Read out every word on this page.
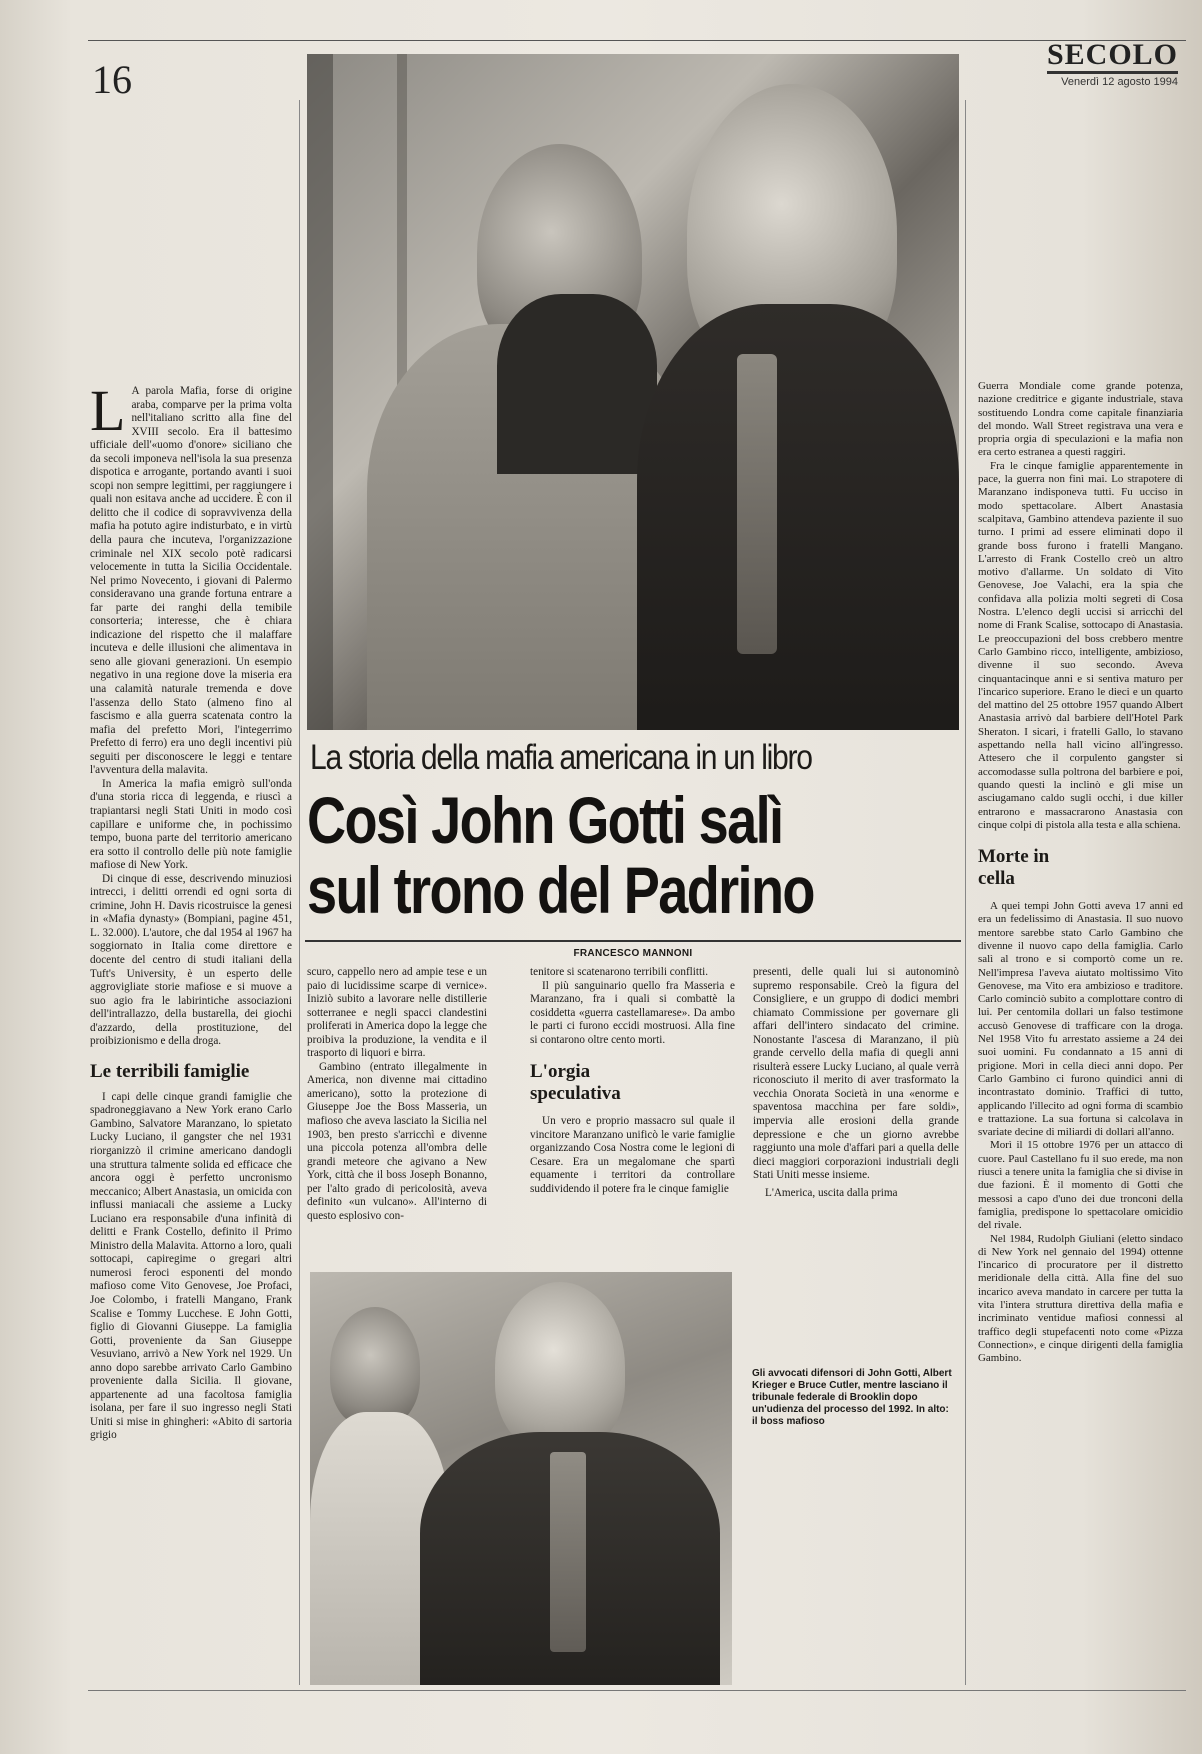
16
SECOLO
Venerdì 12 agosto 1994
La storia della mafia americana in un libro
Così John Gotti salì
sul trono del Padrino
FRANCESCO MANNONI

L A parola Mafia, forse di origine araba, comparve per la prima volta nell'italiano scritto alla fine del XVIII secolo. Era il battesimo ufficiale dell'«uomo d'onore» siciliano che da secoli imponeva nell'isola la sua presenza dispotica e arrogante, portando avanti i suoi scopi non sempre legittimi, per raggiungere i quali non esitava anche ad uccidere. È con il delitto che il codice di sopravvivenza della mafia ha potuto agire indisturbato, e in virtù della paura che incuteva, l'organizzazione criminale nel XIX secolo potè radicarsi velocemente in tutta la Sicilia Occidentale. Nel primo Novecento, i giovani di Palermo consideravano una grande fortuna entrare a far parte dei ranghi della temibile consorteria; interesse, che è chiara indicazione del rispetto che il malaffare incuteva e delle illusioni che alimentava in seno alle giovani generazioni. Un esempio negativo in una regione dove la miseria era una calamità naturale tremenda e dove l'assenza dello Stato (almeno fino al fascismo e alla guerra scatenata contro la mafia del prefetto Mori, l'integerrimo Prefetto di ferro) era uno degli incentivi più seguiti per disconoscere le leggi e tentare l'avventura della malavita.

In America la mafia emigrò sull'onda d'una storia ricca di leggenda, e riuscì a trapiantarsi negli Stati Uniti in modo così capillare e uniforme che, in pochissimo tempo, buona parte del territorio americano era sotto il controllo delle più note famiglie mafiose di New York.

Di cinque di esse, descrivendo minuziosi intrecci, i delitti orrendi ed ogni sorta di crimine, John H. Davis ricostruisce la genesi in «Mafia dynasty» (Bompiani, pagine 451, L. 32.000). L'autore, che dal 1954 al 1967 ha soggiornato in Italia come direttore e docente del centro di studi italiani della Tuft's University, è un esperto delle aggrovigliate storie mafiose e si muove a suo agio fra le labirintiche associazioni dell'intrallazzo, della bustarella, dei giochi d'azzardo, della prostituzione, del proibizionismo e della droga.

Le terribili famiglie

I capi delle cinque grandi famiglie che spadroneggiavano a New York erano Carlo Gambino, Salvatore Maranzano, lo spietato Lucky Luciano, il gangster che nel 1931 riorganizzò il crimine americano dandogli una struttura talmente solida ed efficace che ancora oggi è perfetto uncronismo meccanico; Albert Anastasia, un omicida con influssi maniacali che assieme a Lucky Luciano era responsabile d'una infinità di delitti e Frank Costello, definito il Primo Ministro della Malavita. Attorno a loro, quali sottocapi, capiregime o gregari altri numerosi feroci esponenti del mondo mafioso come Vito Genovese, Joe Profaci, Joe Colombo, i fratelli Mangano, Frank Scalise e Tommy Lucchese. E John Gotti, figlio di Giovanni Giuseppe. La famiglia Gotti, proveniente da San Giuseppe Vesuviano, arrivò a New York nel 1929. Un anno dopo sarebbe arrivato Carlo Gambino proveniente dalla Sicilia. Il giovane, appartenente ad una facoltosa famiglia isolana, per fare il suo ingresso negli Stati Uniti si mise in ghingheri: «Abito di sartoria grigio

scuro, cappello nero ad ampie tese e un paio di lucidissime scarpe di vernice». Iniziò subito a lavorare nelle distillerie sotterranee e negli spacci clandestini proliferati in America dopo la legge che proibiva la produzione, la vendita e il trasporto di liquori e birra.

Gambino (entrato illegalmente in America, non divenne mai cittadino americano), sotto la protezione di Giuseppe Joe the Boss Masseria, un mafioso che aveva lasciato la Sicilia nel 1903, ben presto s'arricchì e divenne una piccola potenza all'ombra delle grandi meteore che agivano a New York, città che il boss Joseph Bonanno, per l'alto grado di pericolosità, aveva definito «un vulcano». All'interno di questo esplosivo con-

tenitore si scatenarono terribili conflitti.

Il più sanguinario quello fra Masseria e Maranzano, fra i quali si combattè la cosiddetta «guerra castellamarese». Da ambo le parti ci furono eccidi mostruosi. Alla fine si contarono oltre cento morti.

L'orgia speculativa

Un vero e proprio massacro sul quale il vincitore Maranzano unificò le varie famiglie organizzando Cosa Nostra come le legioni di Cesare. Era un megalomane che spartì equamente i territori da controllare suddividendo il potere fra le cinque famiglie

presenti, delle quali lui si autonominò supremo responsabile. Creò la figura del Consigliere, e un gruppo di dodici membri chiamato Commissione per governare gli affari dell'intero sindacato del crimine. Nonostante l'ascesa di Maranzano, il più grande cervello della mafia di quegli anni risulterà essere Lucky Luciano, al quale verrà riconosciuto il merito di aver trasformato la vecchia Onorata Società in una «enorme e spaventosa macchina per fare soldi», impervia alle erosioni della grande depressione e che un giorno avrebbe raggiunto una mole d'affari pari a quella delle dieci maggiori corporazioni industriali degli Stati Uniti messe insieme.

L'America, uscita dalla prima

Gli avvocati difensori di John Gotti, Albert Krieger e Bruce Cutler, mentre lasciano il tribunale federale di Brooklin dopo un'udienza del processo del 1992. In alto: il boss mafioso

Guerra Mondiale come grande potenza, nazione creditrice e gigante industriale, stava sostituendo Londra come capitale finanziaria del mondo. Wall Street registrava una vera e propria orgia di speculazioni e la mafia non era certo estranea a questi raggiri.

Fra le cinque famiglie apparentemente in pace, la guerra non finì mai. Lo strapotere di Maranzano indisponeva tutti. Fu ucciso in modo spettacolare. Albert Anastasia scalpitava, Gambino attendeva paziente il suo turno. I primi ad essere eliminati dopo il grande boss furono i fratelli Mangano. L'arresto di Frank Costello creò un altro motivo d'allarme. Un soldato di Vito Genovese, Joe Valachi, era la spia che confidava alla polizia molti segreti di Cosa Nostra. L'elenco degli uccisi si arricchì del nome di Frank Scalise, sottocapo di Anastasia. Le preoccupazioni del boss crebbero mentre Carlo Gambino ricco, intelligente, ambizioso, divenne il suo secondo. Aveva cinquantacinque anni e si sentiva maturo per l'incarico superiore. Erano le dieci e un quarto del mattino del 25 ottobre 1957 quando Albert Anastasia arrivò dal barbiere dell'Hotel Park Sheraton. I sicari, i fratelli Gallo, lo stavano aspettando nella hall vicino all'ingresso. Attesero che il corpulento gangster si accomodasse sulla poltrona del barbiere e poi, quando questi la inclinò e gli mise un asciugamano caldo sugli occhi, i due killer entrarono e massacrarono Anastasia con cinque colpi di pistola alla testa e alla schiena.

Morte in cella

A quei tempi John Gotti aveva 17 anni ed era un fedelissimo di Anastasia. Il suo nuovo mentore sarebbe stato Carlo Gambino che divenne il nuovo capo della famiglia. Carlo salì al trono e si comportò come un re. Nell'impresa l'aveva aiutato moltissimo Vito Genovese, ma Vito era ambizioso e traditore. Carlo cominciò subito a complottare contro di lui. Per centomila dollari un falso testimone accusò Genovese di trafficare con la droga. Nel 1958 Vito fu arrestato assieme a 24 dei suoi uomini. Fu condannato a 15 anni di prigione. Morì in cella dieci anni dopo. Per Carlo Gambino ci furono quindici anni di incontrastato dominio. Traffici di tutto, applicando l'illecito ad ogni forma di scambio e trattazione. La sua fortuna si calcolava in svariate decine di miliardi di dollari all'anno.

Morì il 15 ottobre 1976 per un attacco di cuore. Paul Castellano fu il suo erede, ma non riuscì a tenere unita la famiglia che si divise in due fazioni. È il momento di Gotti che messosi a capo d'uno dei due tronconi della famiglia, predispone lo spettacolare omicidio del rivale.

Nel 1984, Rudolph Giuliani (eletto sindaco di New York nel gennaio del 1994) ottenne l'incarico di procuratore per il distretto meridionale della città. Alla fine del suo incarico aveva mandato in carcere per tutta la vita l'intera struttura direttiva della mafia e incriminato ventidue mafiosi connessi al traffico degli stupefacenti noto come «Pizza Connection», e cinque dirigenti della famiglia Gambino.
